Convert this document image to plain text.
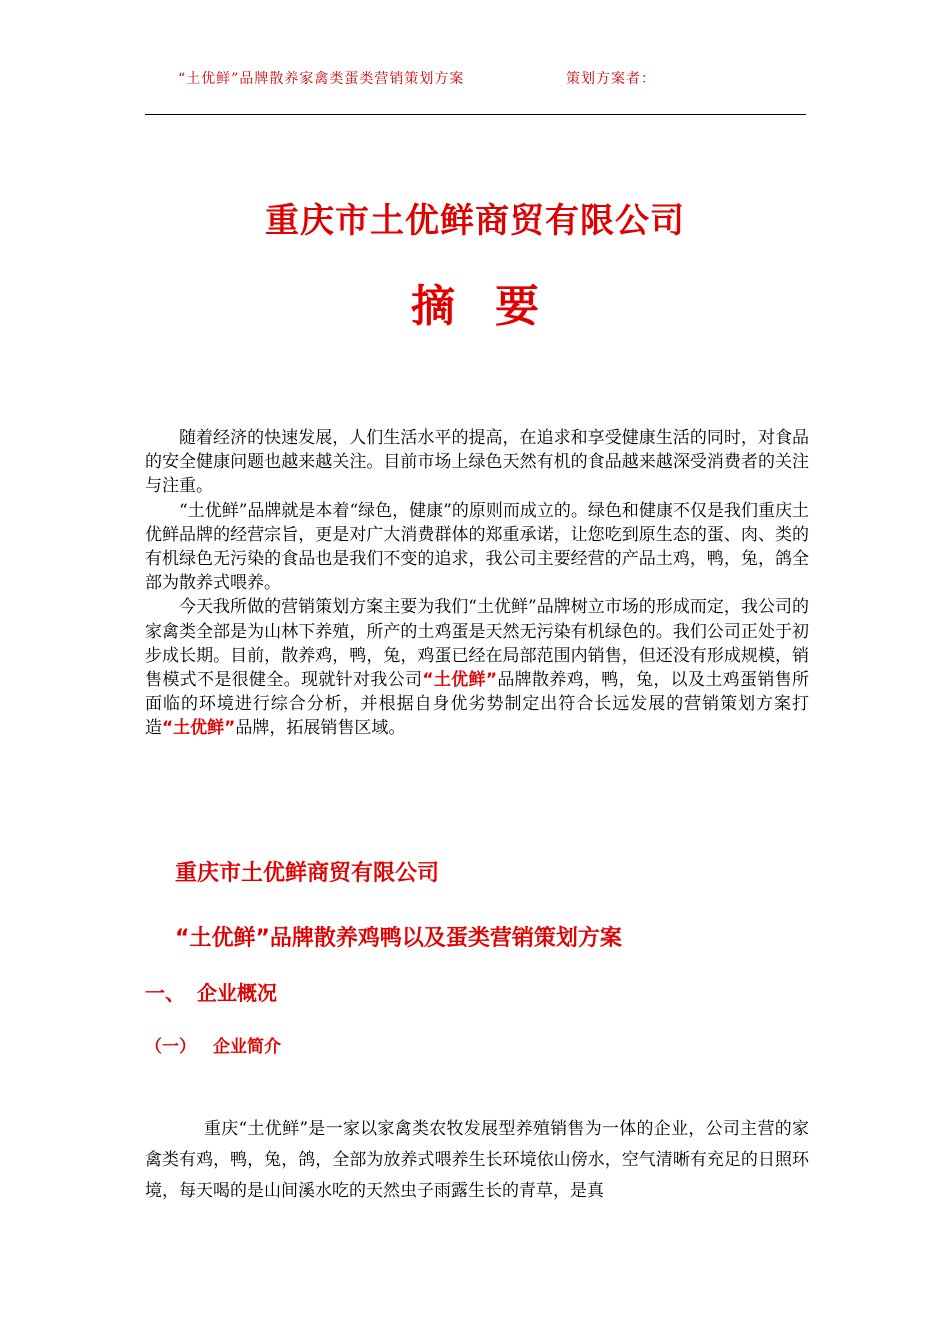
“土优鲜”品牌散养家禽类蛋类营销策划方案	策划方案者：
重庆市土优鲜商贸有限公司
摘要

随着经济的快速发展，人们生活水平的提高，在追求和享受健康生活的同时，对食品的安全健康问题也越来越关注。目前市场上绿色天然有机的食品越来越深受消费者的关注与注重。

“土优鲜”品牌就是本着“绿色，健康”的原则而成立的。绿色和健康不仅是我们重庆土优鲜品牌的经营宗旨，更是对广大消费群体的郑重承诺，让您吃到原生态的蛋、肉、类的有机绿色无污染的食品也是我们不变的追求，我公司主要经营的产品土鸡，鸭，兔，鸽全部为散养式喂养。

今天我所做的营销策划方案主要为我们“土优鲜”品牌树立市场的形成而定，我公司的家禽类全部是为山林下养殖，所产的土鸡蛋是天然无污染有机绿色的。我们公司正处于初步成长期。目前，散养鸡，鸭，兔，鸡蛋已经在局部范围内销售，但还没有形成规模，销售模式不是很健全。现就针对我公司“土优鲜”品牌散养鸡，鸭，兔，以及土鸡蛋销售所面临的环境进行综合分析，并根据自身优劣势制定出符合长远发展的营销策划方案打造“土优鲜”品牌，拓展销售区域。

重庆市土优鲜商贸有限公司
“土优鲜”品牌散养鸡鸭以及蛋类营销策划方案
一、 企业概况
（一） 企业简介

重庆“土优鲜”是一家以家禽类农牧发展型养殖销售为一体的企业，公司主营的家禽类有鸡，鸭，兔，鸽，全部为放养式喂养生长环境依山傍水，空气清晰有充足的日照环境，每天喝的是山间溪水吃的天然虫子雨露生长的青草，是真
